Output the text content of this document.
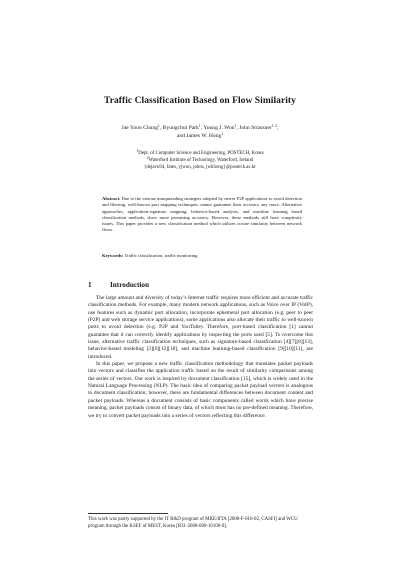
Traffic Classification Based on Flow Similarity
Jae Yoon Chung$^1$, Byungchul Park$^1$, Young J. Won$^1$, John Strassner$^{1, 2}$,
and James W. Hong$^1$
$^1$Dept. of Computer Science and Engineering, POSTECH, Korea
$^2$Waterford Institute of Technology, Waterford, Ireland
{dejavu94, fates, yjwon, johns, jwkhong}@postech.ac.kr
Abstract. Due to the various masquerading strategies adopted by newer P2P applications to avoid detection and filtering, well-known port mapping techniques cannot guarantee their accuracy any more. Alternative approaches, application-signature mapping, behavior-based analysis, and machine learning based classification methods, show more promising accuracy. However, these methods still have complexity issues. This paper provides a new classification method which utilizes cosine similarity between network flows.
Keywords: Traffic classification, traffic monitoring
1	Introduction

The large amount and diversity of today’s Internet traffic requires more efficient and accurate traffic classification methods. For example, many modern network applications, such as Voice over IP (VoIP), use features such as dynamic port allocation, incorporate ephemeral port allocation (e.g. peer to peer (P2P) and web storage service applications), some applications also allocate their traffic to well-known ports to avoid detection (e.g. P2P and YouTube). Therefore, port-based classification [1] cannot guarantee that it can correctly identify applications by inspecting the ports used [5]. To overcome this issue, alternative traffic classification techniques, such as signature-based classification [4][7][8][13], behavior-based modeling [3][6][12][18], and machine learning-based classification [9][10][11], are introduced.

In this paper, we propose a new traffic classification methodology that translates packet payloads into vectors and classifies the application traffic based on the result of similarity comparisons among the series of vectors. Our work is inspired by document classification [15], which is widely used in the Natural Language Processing (NLP). The basic idea of comparing packet payload vectors is analogous to document classification; however, there are fundamental differences between document content and packet payloads. Whereas a document consists of basic components called words which have precise meaning, packet payloads consist of binary data, of which most has no pre-defined meaning. Therefore, we try to convert packet payloads into a series of vectors reflecting this difference.

This work was partly supported by the IT R&D program of MKE/IITA [2008-F-016-02, CASFI] and WCU program through the KSEF of MEST, Korea [R31-2008-000-10100-0].
